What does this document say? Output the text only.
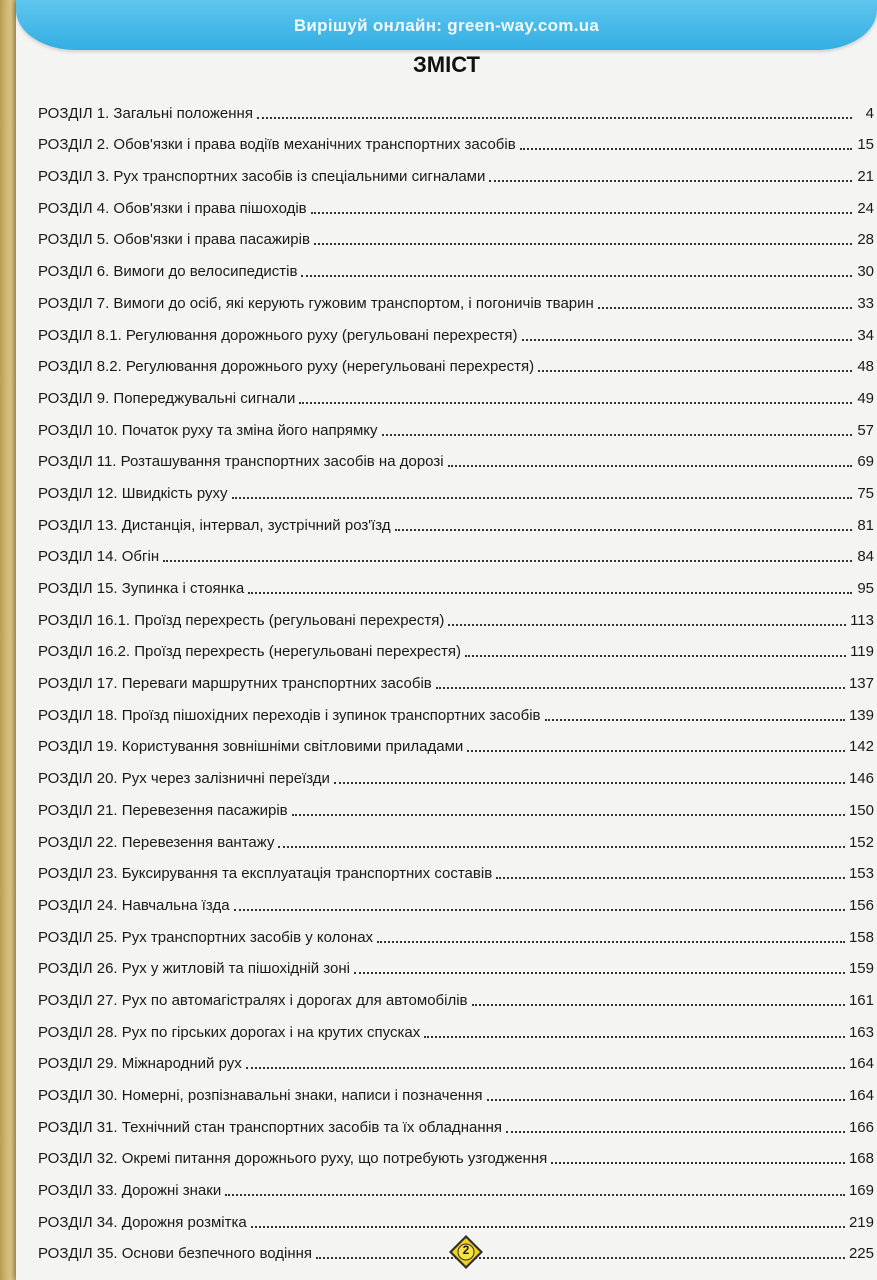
Вирішуй онлайн: green-way.com.ua
ЗМІСТ
РОЗДІЛ 1. Загальні положення	4
РОЗДІЛ 2. Обов'язки і права водіїв механічних транспортних засобів	15
РОЗДІЛ 3. Рух транспортних засобів із спеціальними сигналами	21
РОЗДІЛ 4. Обов'язки і права пішоходів	24
РОЗДІЛ 5. Обов'язки і права пасажирів	28
РОЗДІЛ 6. Вимоги до велосипедистів	30
РОЗДІЛ 7. Вимоги до осіб, які керують гужовим транспортом, і погоничів тварин	33
РОЗДІЛ 8.1. Регулювання дорожнього руху (регульовані перехрестя)	34
РОЗДІЛ 8.2. Регулювання дорожнього руху (нерегульовані перехрестя)	48
РОЗДІЛ 9. Попереджувальні сигнали	49
РОЗДІЛ 10. Початок руху та зміна його напрямку	57
РОЗДІЛ 11. Розташування транспортних засобів на дорозі	69
РОЗДІЛ 12. Швидкість руху	75
РОЗДІЛ 13. Дистанція, інтервал, зустрічний роз'їзд	81
РОЗДІЛ 14. Обгін	84
РОЗДІЛ 15. Зупинка і стоянка	95
РОЗДІЛ 16.1. Проїзд перехресть (регульовані перехрестя)	113
РОЗДІЛ 16.2. Проїзд перехресть (нерегульовані перехрестя)	119
РОЗДІЛ 17. Переваги маршрутних транспортних засобів	137
РОЗДІЛ 18. Проїзд пішохідних переходів і зупинок транспортних засобів	139
РОЗДІЛ 19. Користування зовнішніми світловими приладами	142
РОЗДІЛ 20. Рух через залізничні переїзди	146
РОЗДІЛ 21. Перевезення пасажирів	150
РОЗДІЛ 22. Перевезення вантажу	152
РОЗДІЛ 23. Буксирування та експлуатація транспортних составів	153
РОЗДІЛ 24. Навчальна їзда	156
РОЗДІЛ 25. Рух транспортних засобів у колонах	158
РОЗДІЛ 26. Рух у житловій та пішохідній зоні	159
РОЗДІЛ 27. Рух по автомагістралях і дорогах для автомобілів	161
РОЗДІЛ 28. Рух по гірських дорогах і на крутих спусках	163
РОЗДІЛ 29. Міжнародний рух	164
РОЗДІЛ 30. Номерні, розпізнавальні знаки, написи і позначення	164
РОЗДІЛ 31. Технічний стан транспортних засобів та їх обладнання	166
РОЗДІЛ 32. Окремі питання дорожнього руху, що потребують узгодження	168
РОЗДІЛ 33. Дорожні знаки	169
РОЗДІЛ 34. Дорожня розмітка	219
РОЗДІЛ 35. Основи безпечного водіння	225
2
